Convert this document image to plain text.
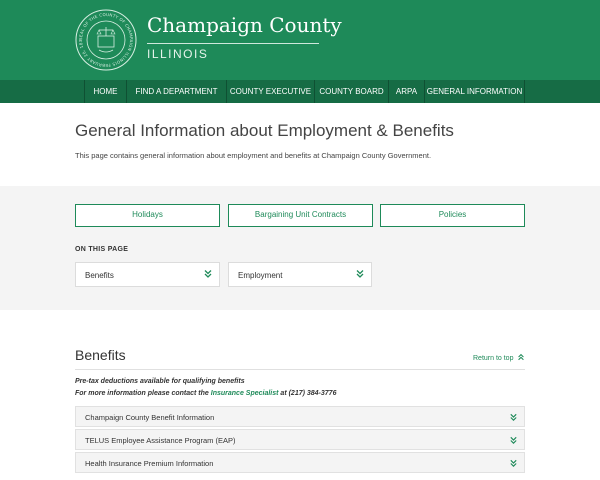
SEAL OF THE COUNTY OF CHAMPAIGN ILLINOIS FEBRUARY 20, 183
Champaign County
ILLINOIS
HOME	FIND A DEPARTMENT	COUNTY EXECUTIVE	COUNTY BOARD	ARPA	GENERAL INFORMATION
General Information about Employment & Benefits

This page contains general information about employment and benefits at Champaign County Government.

Holidays	Bargaining Unit Contracts	Policies
ON THIS PAGE
Benefits	Employment
Benefits	Return to top

Pre-tax deductions available for qualifying benefits

For more information please contact the Insurance Specialist at (217) 384-3776

Champaign County Benefit Information
TELUS Employee Assistance Program (EAP)
Health Insurance Premium Information
